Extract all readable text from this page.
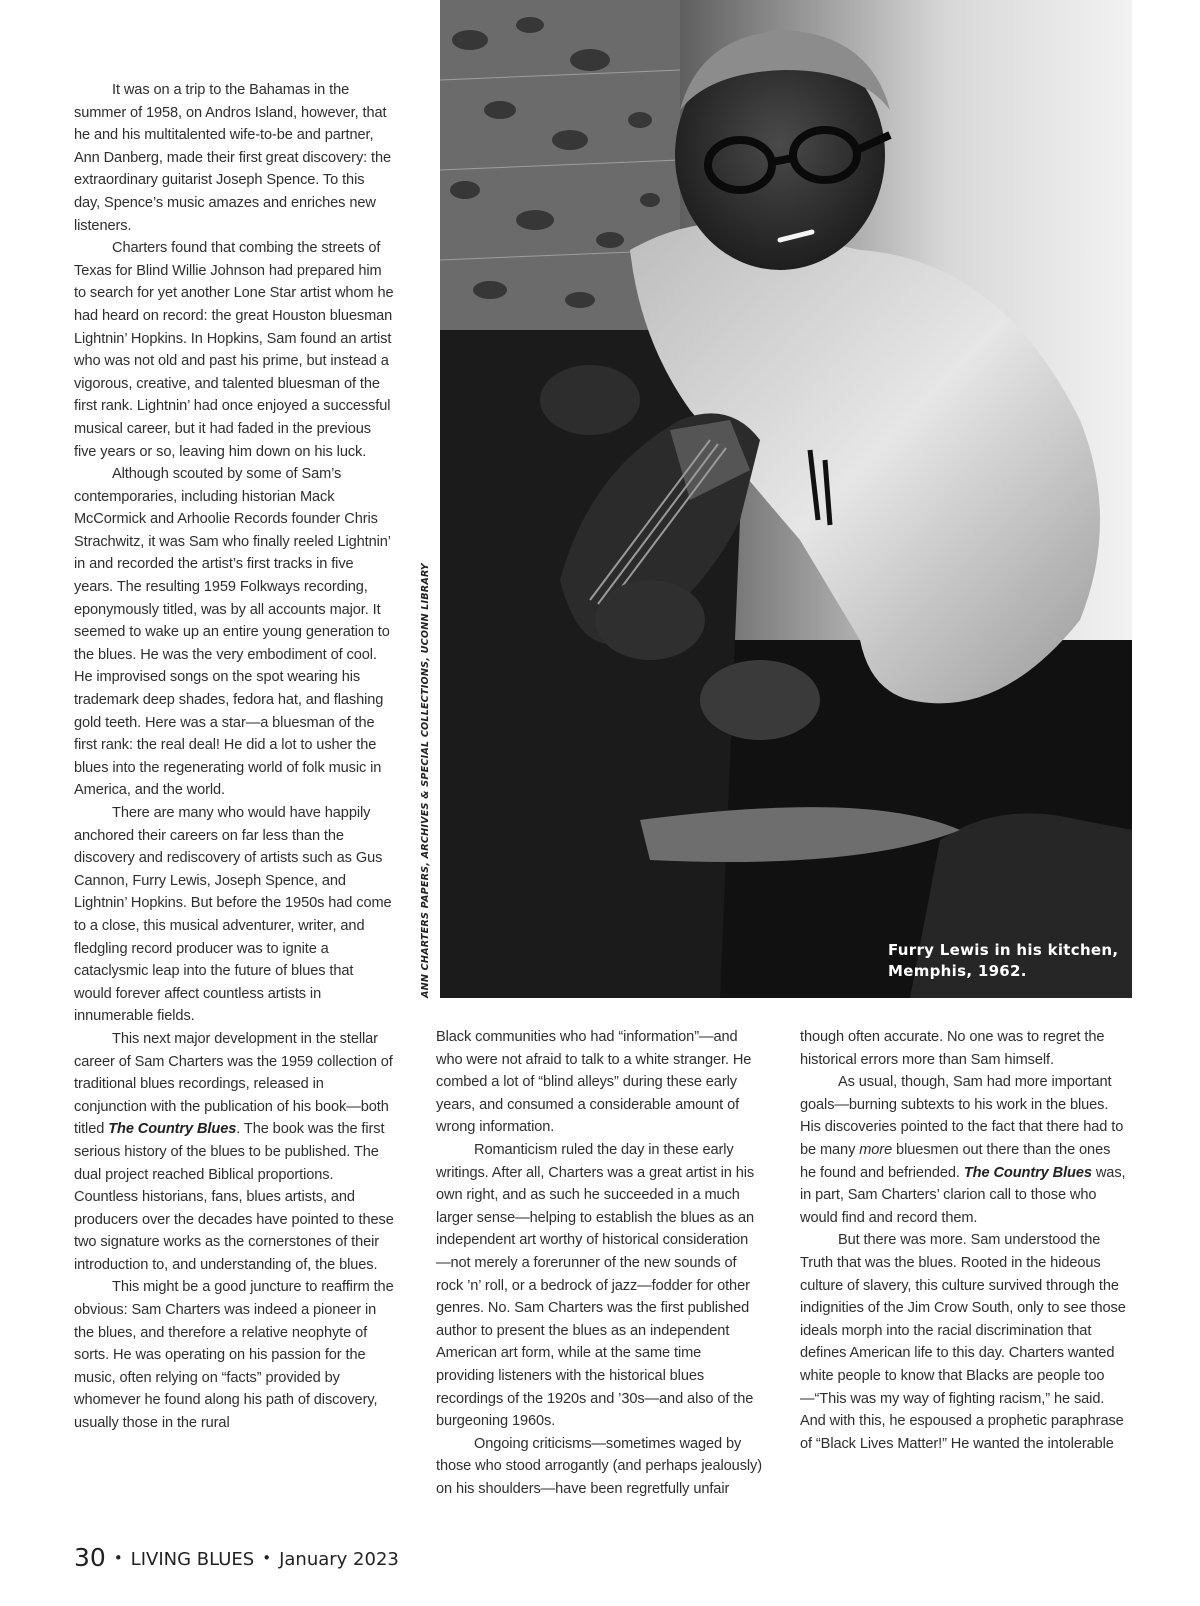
It was on a trip to the Bahamas in the summer of 1958, on Andros Island, however, that he and his multitalented wife-to-be and partner, Ann Danberg, made their first great discovery: the extraordinary guitarist Joseph Spence. To this day, Spence’s music amazes and enriches new listeners.

Charters found that combing the streets of Texas for Blind Willie Johnson had prepared him to search for yet another Lone Star artist whom he had heard on record: the great Houston bluesman Lightnin’ Hopkins. In Hopkins, Sam found an artist who was not old and past his prime, but instead a vigorous, creative, and talented bluesman of the first rank. Lightnin’ had once enjoyed a successful musical career, but it had faded in the previous five years or so, leaving him down on his luck.

Although scouted by some of Sam’s contemporaries, including historian Mack McCormick and Arhoolie Records founder Chris Strachwitz, it was Sam who finally reeled Lightnin’ in and recorded the artist’s first tracks in five years. The resulting 1959 Folkways recording, eponymously titled, was by all accounts major. It seemed to wake up an entire young generation to the blues. He was the very embodiment of cool. He improvised songs on the spot wearing his trademark deep shades, fedora hat, and flashing gold teeth. Here was a star—a bluesman of the first rank: the real deal! He did a lot to usher the blues into the regenerating world of folk music in America, and the world.

There are many who would have happily anchored their careers on far less than the discovery and rediscovery of artists such as Gus Cannon, Furry Lewis, Joseph Spence, and Lightnin’ Hopkins. But before the 1950s had come to a close, this musical adventurer, writer, and fledgling record producer was to ignite a cataclysmic leap into the future of blues that would forever affect countless artists in innumerable fields.

This next major development in the stellar career of Sam Charters was the 1959 collection of traditional blues recordings, released in conjunction with the publication of his book—both titled The Country Blues. The book was the first serious history of the blues to be published. The dual project reached Biblical proportions. Countless historians, fans, blues artists, and producers over the decades have pointed to these two signature works as the cornerstones of their introduction to, and understanding of, the blues.

This might be a good juncture to reaffirm the obvious: Sam Charters was indeed a pioneer in the blues, and therefore a relative neophyte of sorts. He was operating on his passion for the music, often relying on “facts” provided by whomever he found along his path of discovery, usually those in the rural

Furry Lewis in his kitchen,
Memphis, 1962.
ANN CHARTERS PAPERS, ARCHIVES & SPECIAL COLLECTIONS, UCONN LIBRARY

Black communities who had “information”—and who were not afraid to talk to a white stranger. He combed a lot of “blind alleys” during these early years, and consumed a considerable amount of wrong information.

Romanticism ruled the day in these early writings. After all, Charters was a great artist in his own right, and as such he succeeded in a much larger sense—helping to establish the blues as an independent art worthy of historical consideration—not merely a forerunner of the new sounds of rock ’n’ roll, or a bedrock of jazz—fodder for other genres. No. Sam Charters was the first published author to present the blues as an independent American art form, while at the same time providing listeners with the historical blues recordings of the 1920s and ’30s—and also of the burgeoning 1960s.

Ongoing criticisms—sometimes waged by those who stood arrogantly (and perhaps jealously) on his shoulders—have been regretfully unfair

though often accurate. No one was to regret the historical errors more than Sam himself.

As usual, though, Sam had more important goals—burning subtexts to his work in the blues. His discoveries pointed to the fact that there had to be many more bluesmen out there than the ones he found and befriended. The Country Blues was, in part, Sam Charters’ clarion call to those who would find and record them.

But there was more. Sam understood the Truth that was the blues. Rooted in the hideous culture of slavery, this culture survived through the indignities of the Jim Crow South, only to see those ideals morph into the racial discrimination that defines American life to this day. Charters wanted white people to know that Blacks are people too—“This was my way of fighting racism,” he said. And with this, he espoused a prophetic paraphrase of “Black Lives Matter!” He wanted the intolerable

30 • LIVING BLUES • January 2023
